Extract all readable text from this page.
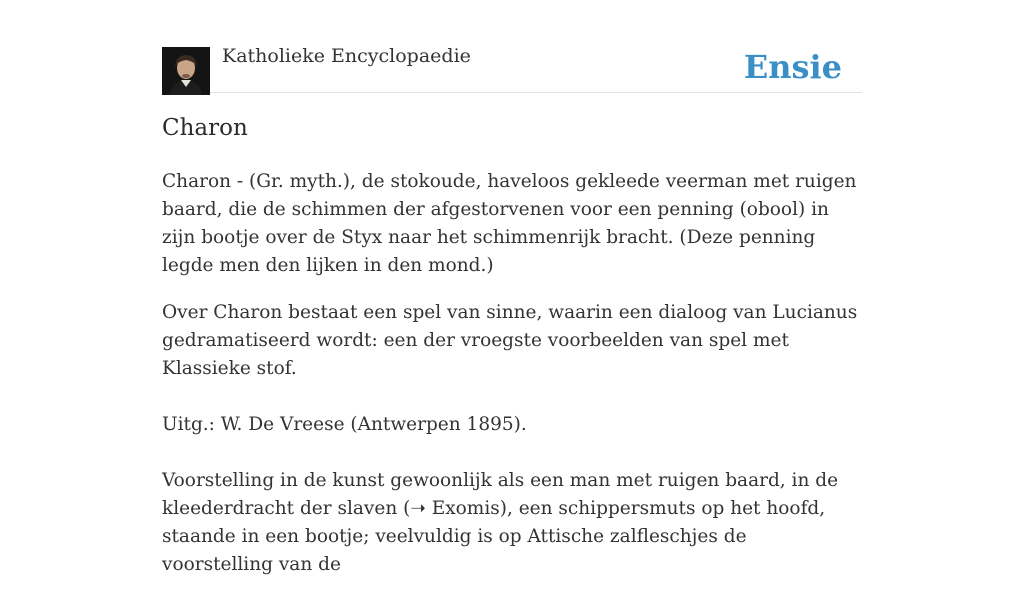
Katholieke Encyclopaedie	Ensie
Charon

Charon - (Gr. myth.), de stokoude, haveloos gekleede veerman met ruigen baard, die de schimmen der afgestorvenen voor een penning (obool) in zijn bootje over de Styx naar het schimmenrijk bracht. (Deze penning legde men den lijken in den mond.)

Over Charon bestaat een spel van sinne, waarin een dialoog van Lucianus gedramatiseerd wordt: een der vroegste voorbeelden van spel met Klassieke stof.

Uitg.: W. De Vreese (Antwerpen 1895).

Voorstelling in de kunst gewoonlijk als een man met ruigen baard, in de kleederdracht der slaven (➝ Exomis), een schippersmuts op het hoofd, staande in een bootje; veelvuldig is op Attische zalfleschjes de voorstelling van de
